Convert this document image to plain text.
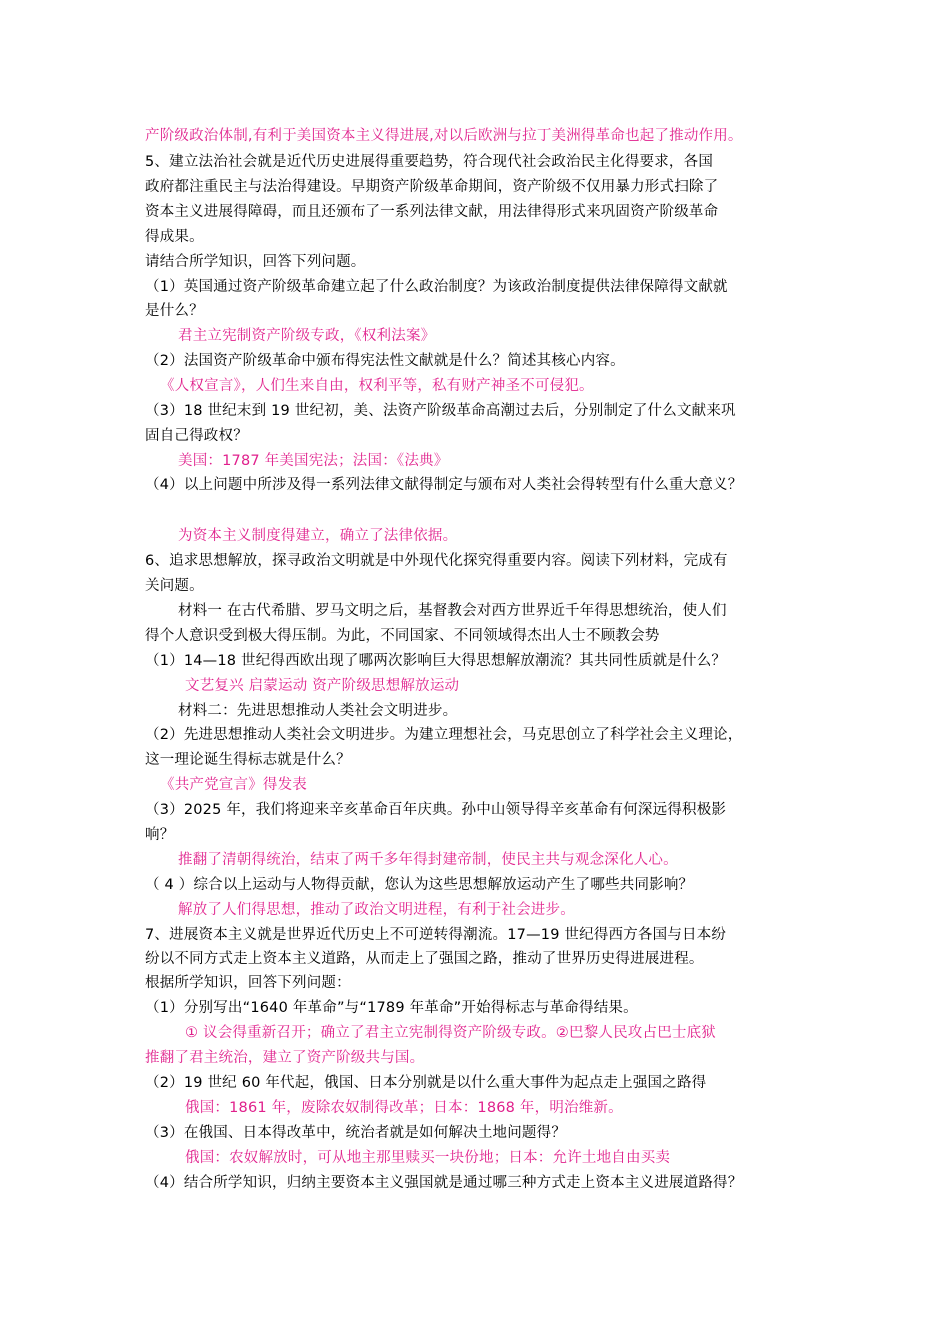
产阶级政治体制,有利于美国资本主义得进展,对以后欧洲与拉丁美洲得革命也起了推动作用。
5、建立法治社会就是近代历史进展得重要趋势，符合现代社会政治民主化得要求，各国
政府都注重民主与法治得建设。早期资产阶级革命期间，资产阶级不仅用暴力形式扫除了
资本主义进展得障碍，而且还颁布了一系列法律文献，用法律得形式来巩固资产阶级革命
得成果。
请结合所学知识，回答下列问题。
（1）英国通过资产阶级革命建立起了什么政治制度？为该政治制度提供法律保障得文献就
是什么？
君主立宪制资产阶级专政，《权利法案》
（2）法国资产阶级革命中颁布得宪法性文献就是什么？简述其核心内容。
《人权宣言》，人们生来自由，权利平等，私有财产神圣不可侵犯。
（3）18 世纪末到 19 世纪初，美、法资产阶级革命高潮过去后，分别制定了什么文献来巩
固自己得政权？
美国：1787 年美国宪法；法国：《法典》
（4）以上问题中所涉及得一系列法律文献得制定与颁布对人类社会得转型有什么重大意义？
为资本主义制度得建立，确立了法律依据。
6、追求思想解放，探寻政治文明就是中外现代化探究得重要内容。阅读下列材料，完成有
关问题。
材料一 在古代希腊、罗马文明之后，基督教会对西方世界近千年得思想统治，使人们
得个人意识受到极大得压制。为此，不同国家、不同领域得杰出人士不顾教会势
（1）14—18 世纪得西欧出现了哪两次影响巨大得思想解放潮流？其共同性质就是什么？
文艺复兴 启蒙运动 资产阶级思想解放运动
材料二：先进思想推动人类社会文明进步。
（2）先进思想推动人类社会文明进步。为建立理想社会，马克思创立了科学社会主义理论，
这一理论诞生得标志就是什么？
《共产党宣言》得发表
（3）2025 年，我们将迎来辛亥革命百年庆典。孙中山领导得辛亥革命有何深远得积极影
响？
推翻了清朝得统治，结束了两千多年得封建帝制，使民主共与观念深化人心。
（ 4 ）综合以上运动与人物得贡献，您认为这些思想解放运动产生了哪些共同影响？
解放了人们得思想，推动了政治文明进程，有利于社会进步。
7、进展资本主义就是世界近代历史上不可逆转得潮流。17—19 世纪得西方各国与日本纷
纷以不同方式走上资本主义道路，从而走上了强国之路，推动了世界历史得进展进程。
根据所学知识，回答下列问题：
（1）分别写出“1640 年革命”与“1789 年革命”开始得标志与革命得结果。
① 议会得重新召开；确立了君主立宪制得资产阶级专政。②巴黎人民攻占巴士底狱
推翻了君主统治，建立了资产阶级共与国。
（2）19 世纪 60 年代起，俄国、日本分别就是以什么重大事件为起点走上强国之路得
俄国：1861 年，废除农奴制得改革；日本：1868 年，明治维新。
（3）在俄国、日本得改革中，统治者就是如何解决土地问题得？
俄国：农奴解放时，可从地主那里赎买一块份地；日本：允许土地自由买卖
（4）结合所学知识，归纳主要资本主义强国就是通过哪三种方式走上资本主义进展道路得？
